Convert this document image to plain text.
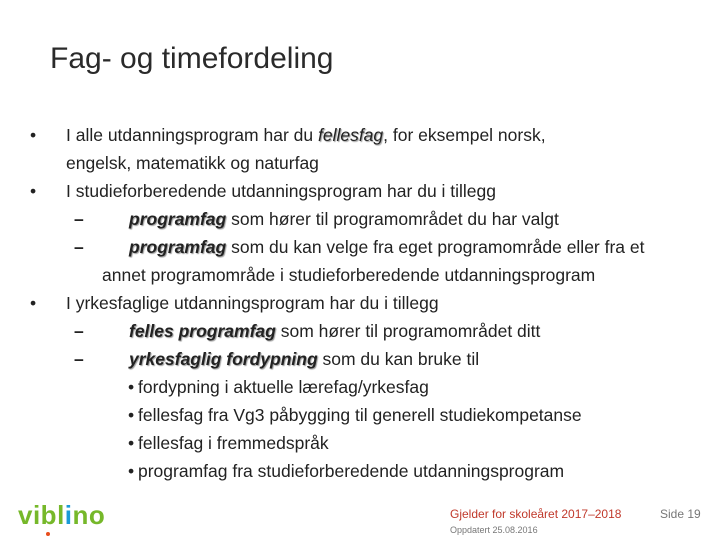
Fag- og timefordeling
• I alle utdanningsprogram har du fellesfag, for eksempel norsk,
engelsk, matematikk og naturfag
• I studieforberedende utdanningsprogram har du i tillegg
–	programfag som hører til programområdet du har valgt
–	programfag som du kan velge fra eget programområde eller fra et
annet programområde i studieforberedende utdanningsprogram
• I yrkesfaglige utdanningsprogram har du i tillegg
–	felles programfag som hører til programområdet ditt
–	yrkesfaglig fordypning som du kan bruke til
• fordypning i aktuelle lærefag/yrkesfag
• fellesfag fra Vg3 påbygging til generell studiekompetanse
• fellesfag i fremmedspråk
• programfag fra studieforberedende utdanningsprogram
viblino	Gjelder for skoleåret 2017–2018
Oppdatert 25.08.2016
Side 19
